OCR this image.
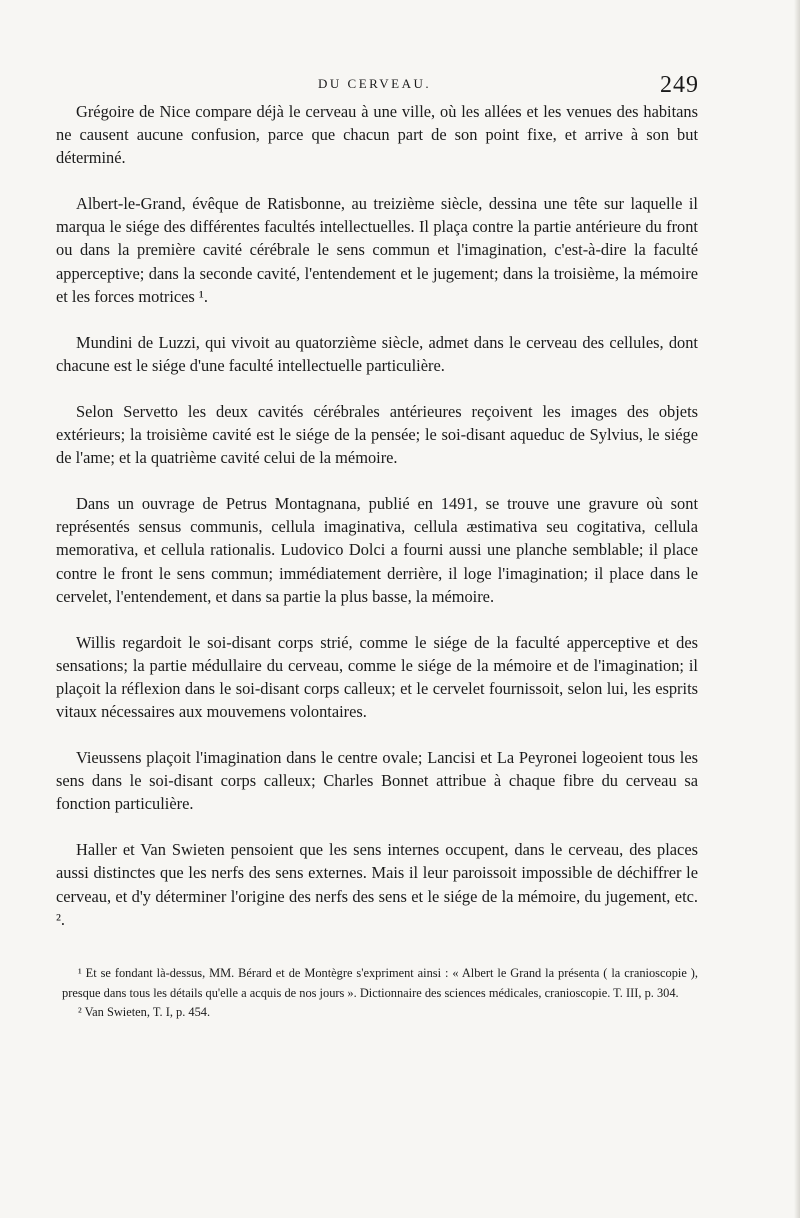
DU CERVEAU.	249

Grégoire de Nice compare déjà le cerveau à une ville, où les allées et les venues des habitans ne causent aucune confusion, parce que chacun part de son point fixe, et arrive à son but déterminé.

Albert-le-Grand, évêque de Ratisbonne, au treizième siècle, dessina une tête sur laquelle il marqua le siége des différentes facultés intellectuelles. Il plaça contre la partie antérieure du front ou dans la première cavité cérébrale le sens commun et l'imagination, c'est-à-dire la faculté apperceptive; dans la seconde cavité, l'entendement et le jugement; dans la troisième, la mémoire et les forces motrices ¹.

Mundini de Luzzi, qui vivoit au quatorzième siècle, admet dans le cerveau des cellules, dont chacune est le siége d'une faculté intellectuelle particulière.

Selon Servetto les deux cavités cérébrales antérieures reçoivent les images des objets extérieurs; la troisième cavité est le siége de la pensée; le soi-disant aqueduc de Sylvius, le siége de l'ame; et la quatrième cavité celui de la mémoire.

Dans un ouvrage de Petrus Montagnana, publié en 1491, se trouve une gravure où sont représentés sensus communis, cellula imaginativa, cellula æstimativa seu cogitativa, cellula memorativa, et cellula rationalis. Ludovico Dolci a fourni aussi une planche semblable; il place contre le front le sens commun; immédiatement derrière, il loge l'imagination; il place dans le cervelet, l'entendement, et dans sa partie la plus basse, la mémoire.

Willis regardoit le soi-disant corps strié, comme le siége de la faculté apperceptive et des sensations; la partie médullaire du cerveau, comme le siége de la mémoire et de l'imagination; il plaçoit la réflexion dans le soi-disant corps calleux; et le cervelet fournissoit, selon lui, les esprits vitaux nécessaires aux mouvemens volontaires.

Vieussens plaçoit l'imagination dans le centre ovale; Lancisi et La Peyronei logeoient tous les sens dans le soi-disant corps calleux; Charles Bonnet attribue à chaque fibre du cerveau sa fonction particulière.

Haller et Van Swieten pensoient que les sens internes occupent, dans le cerveau, des places aussi distinctes que les nerfs des sens externes. Mais il leur paroissoit impossible de déchiffrer le cerveau, et d'y déterminer l'origine des nerfs des sens et le siége de la mémoire, du jugement, etc. ².

¹ Et se fondant là-dessus, MM. Bérard et de Montègre s'expriment ainsi : « Albert le Grand la présenta ( la cranioscopie ), presque dans tous les détails qu'elle a acquis de nos jours ». Dictionnaire des sciences médicales, cranioscopie. T. III, p. 304.

² Van Swieten, T. I, p. 454.
